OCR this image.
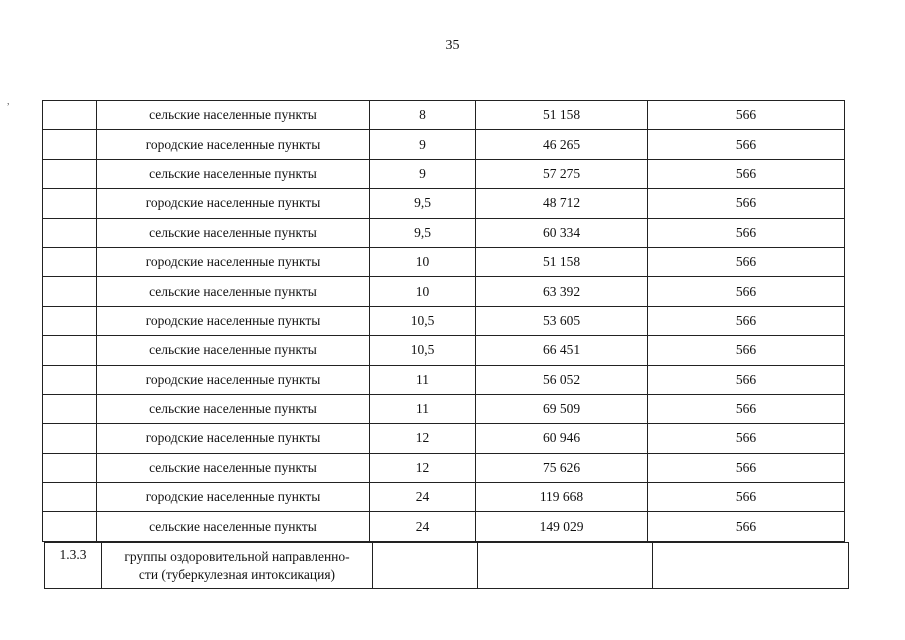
35
,
	сельские населенные пункты	8	51 158	566
	городские населенные пункты	9	46 265	566
	сельские населенные пункты	9	57 275	566
	городские населенные пункты	9,5	48 712	566
	сельские населенные пункты	9,5	60 334	566
	городские населенные пункты	10	51 158	566
	сельские населенные пункты	10	63 392	566
	городские населенные пункты	10,5	53 605	566
	сельские населенные пункты	10,5	66 451	566
	городские населенные пункты	11	56 052	566
	сельские населенные пункты	11	69 509	566
	городские населенные пункты	12	60 946	566
	сельские населенные пункты	12	75 626	566
	городские населенные пункты	24	119 668	566
	сельские населенные пункты	24	149 029	566
1.3.3	группы оздоровительной направленно-
сти (туберкулезная интоксикация)
